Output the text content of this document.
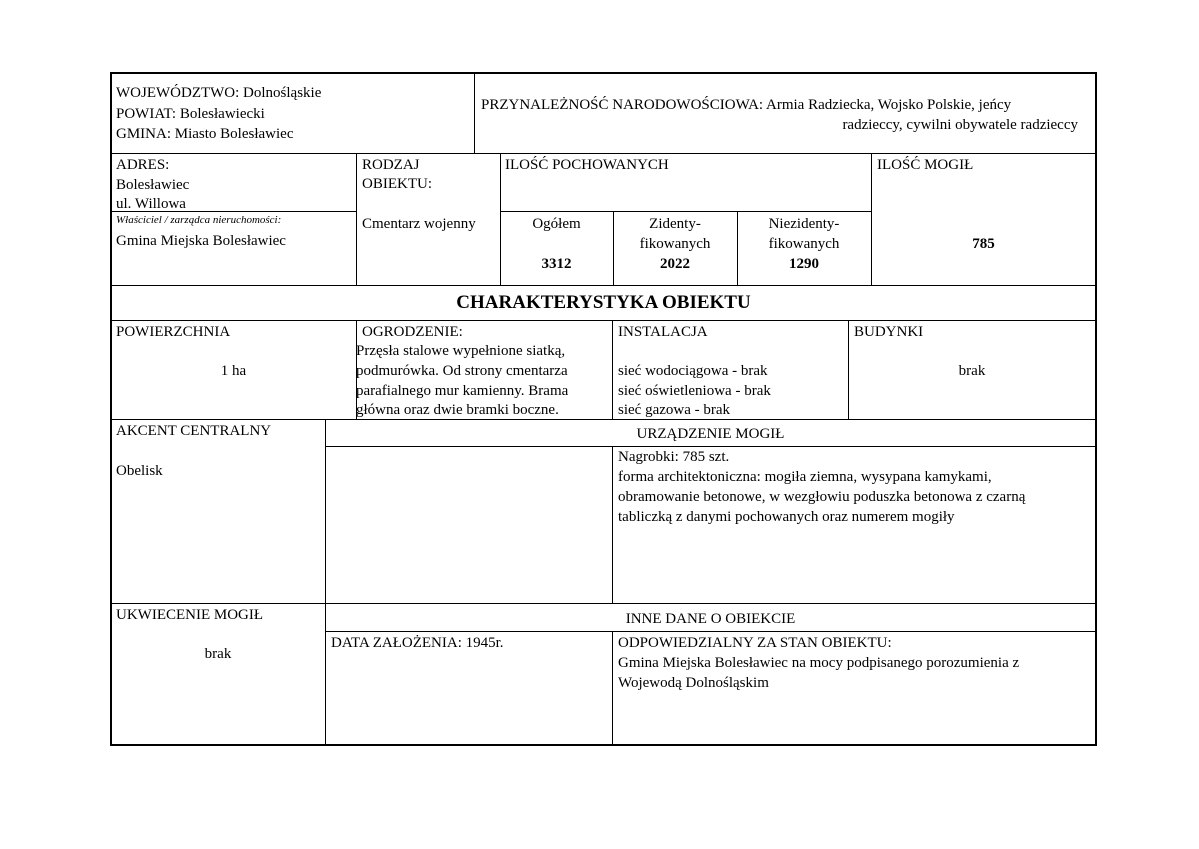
WOJEWÓDZTWO: Dolnośląskie
POWIAT: Bolesławiecki
GMINA: Miasto Bolesławiec
PRZYNALEŻNOŚĆ NARODOWOŚCIOWA: Armia Radziecka, Wojsko Polskie, jeńcy
radzieccy, cywilni obywatele radzieccy
ADRES:
Bolesławiec
ul. Willowa
Właściciel / zarządca nieruchomości:
Gmina Miejska Bolesławiec
RODZAJ
OBIEKTU:
Cmentarz wojenny
ILOŚĆ POCHOWANYCH
Ogółem
3312
Zidenty-
fikowanych
2022
Niezidenty-
fikowanych
1290
ILOŚĆ MOGIŁ
785
CHARAKTERYSTYKA OBIEKTU
POWIERZCHNIA
1 ha
OGRODZENIE:
Przęsła stalowe wypełnione siatką,
podmurówka. Od strony cmentarza
parafialnego mur kamienny. Brama
główna oraz dwie bramki boczne.
INSTALACJA
sieć wodociągowa - brak
sieć oświetleniowa - brak
sieć gazowa - brak
BUDYNKI
brak
AKCENT CENTRALNY
Obelisk
URZĄDZENIE MOGIŁ
Nagrobki: 785 szt.
forma architektoniczna: mogiła ziemna, wysypana kamykami,
obramowanie betonowe, w wezgłowiu poduszka betonowa z czarną
tabliczką z danymi pochowanych oraz numerem mogiły
UKWIECENIE MOGIŁ
brak
INNE DANE O OBIEKCIE
DATA ZAŁOŻENIA: 1945r.	ODPOWIEDZIALNY ZA STAN OBIEKTU:
Gmina Miejska Bolesławiec na mocy podpisanego porozumienia z
Wojewodą Dolnośląskim
